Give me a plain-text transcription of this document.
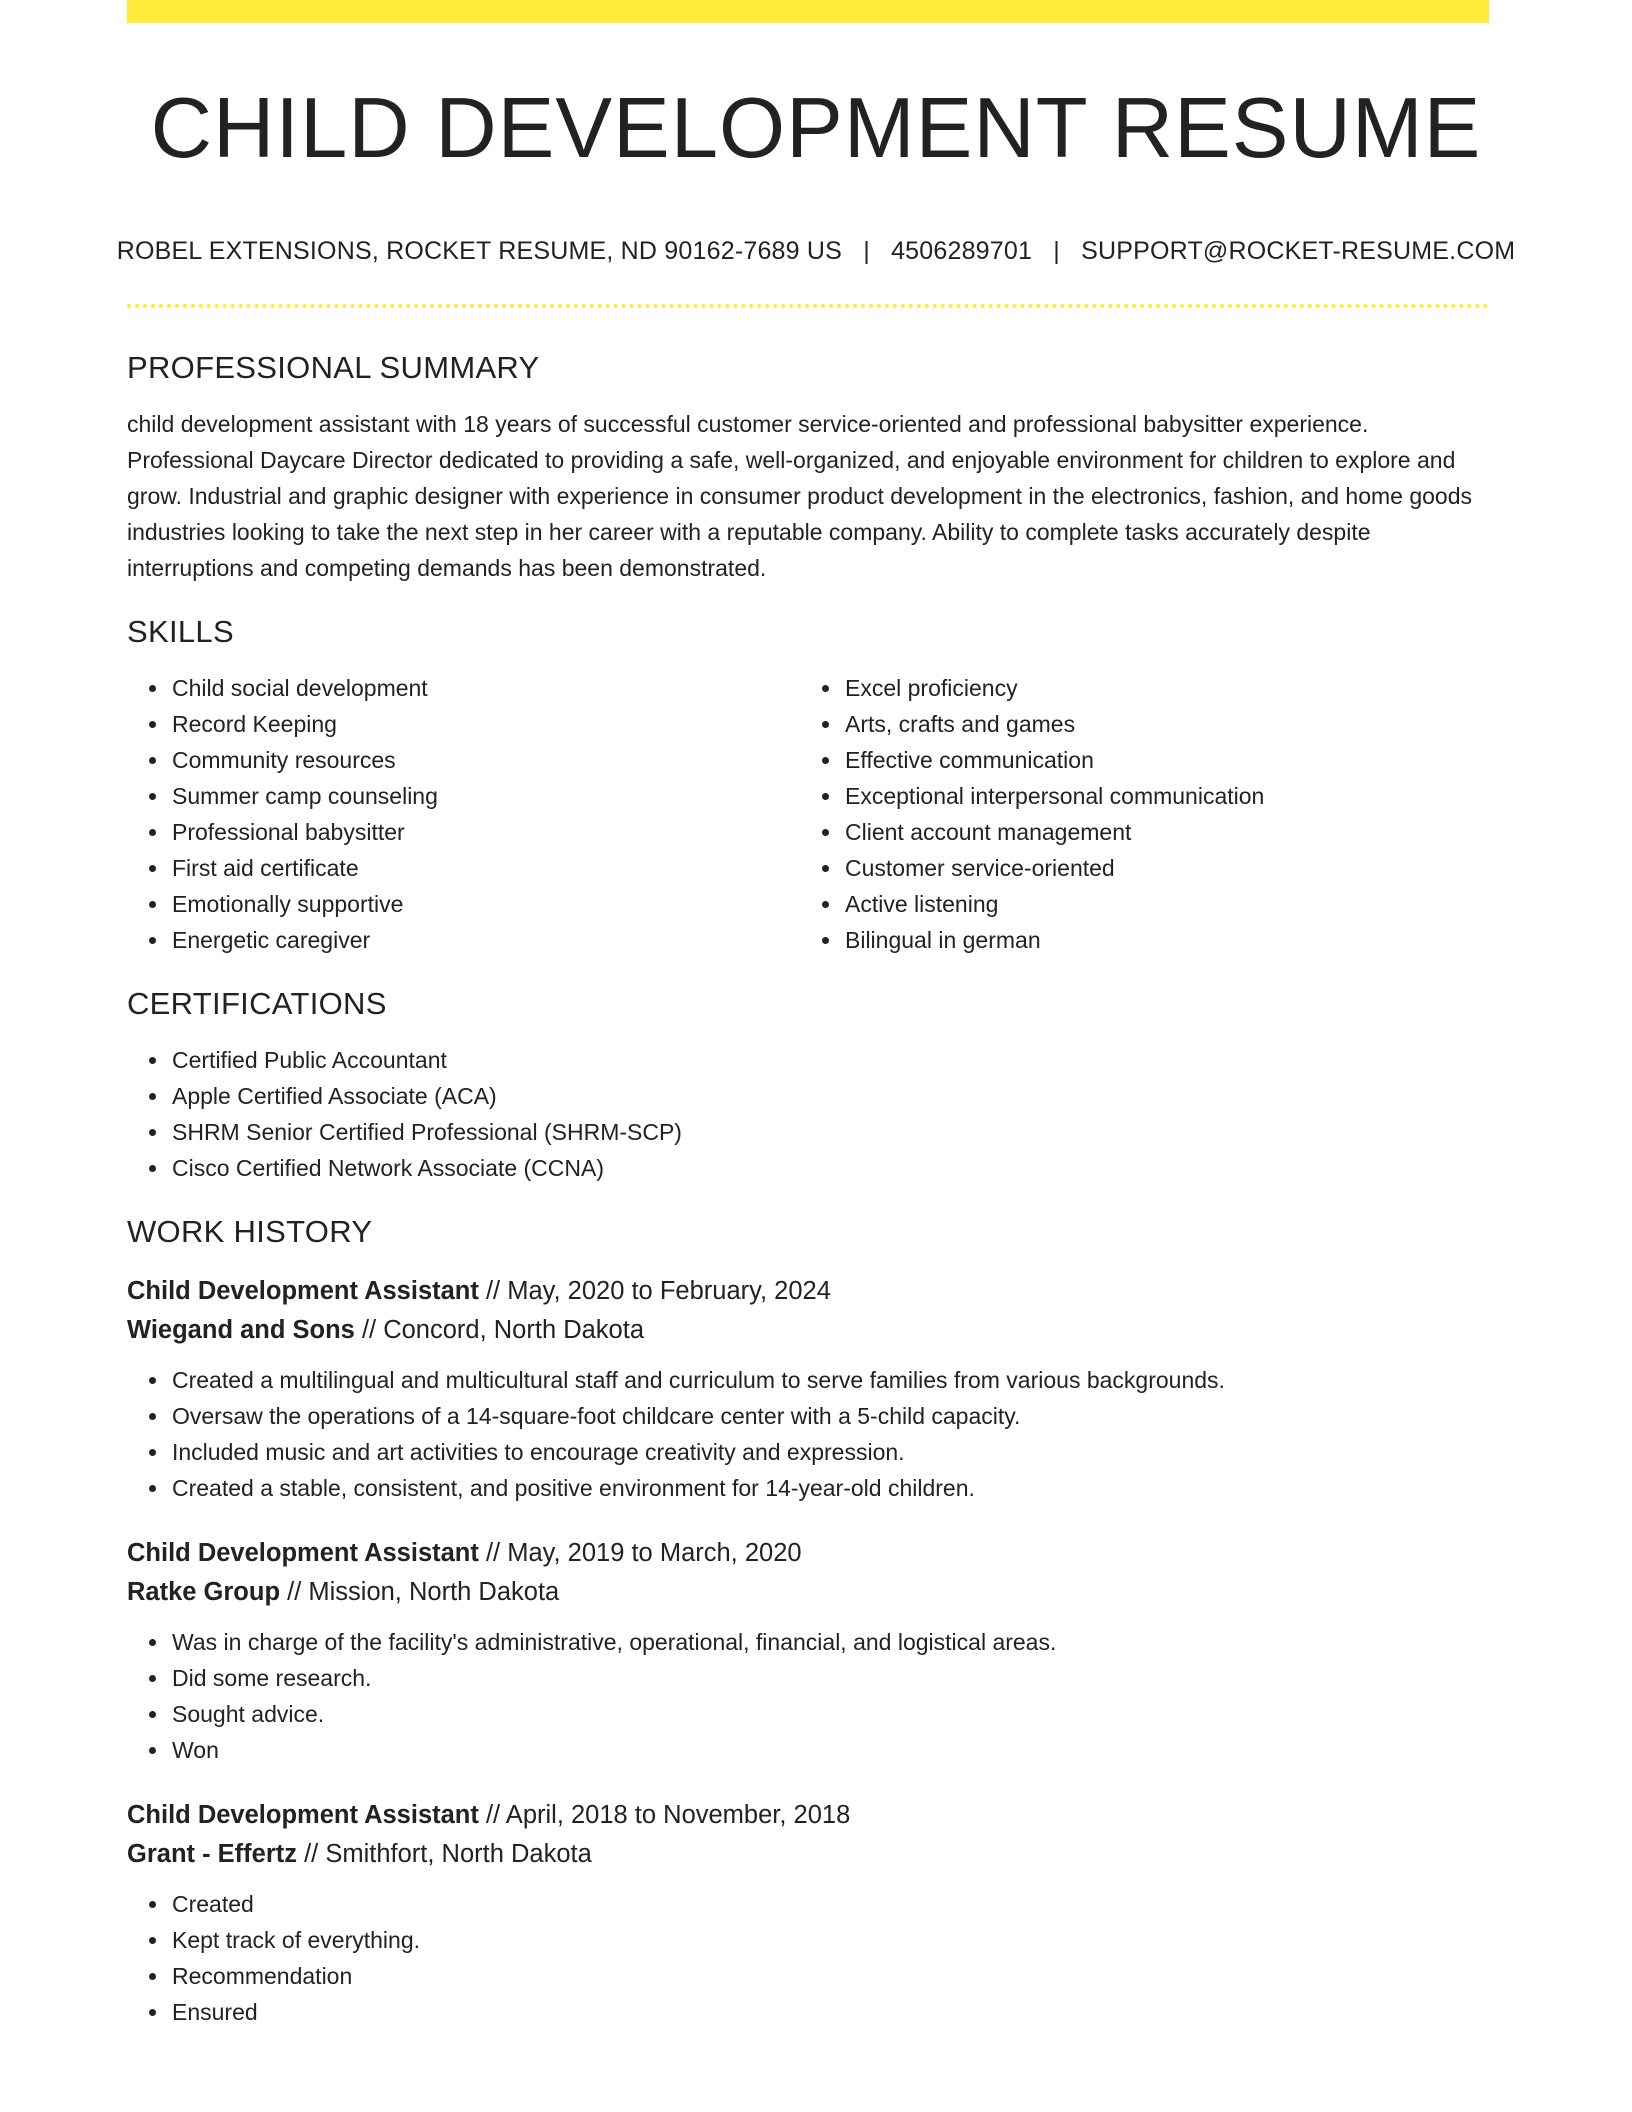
CHILD DEVELOPMENT RESUME
ROBEL EXTENSIONS, ROCKET RESUME, ND 90162-7689 US | 4506289701 | SUPPORT@ROCKET-RESUME.COM
PROFESSIONAL SUMMARY

child development assistant with 18 years of successful customer service-oriented and professional babysitter experience. Professional Daycare Director dedicated to providing a safe, well-organized, and enjoyable environment for children to explore and grow. Industrial and graphic designer with experience in consumer product development in the electronics, fashion, and home goods industries looking to take the next step in her career with a reputable company. Ability to complete tasks accurately despite interruptions and competing demands has been demonstrated.

SKILLS
• Child social development
• Record Keeping
• Community resources
• Summer camp counseling
• Professional babysitter
• First aid certificate
• Emotionally supportive
• Energetic caregiver
• Excel proficiency
• Arts, crafts and games
• Effective communication
• Exceptional interpersonal communication
• Client account management
• Customer service-oriented
• Active listening
• Bilingual in german
CERTIFICATIONS
• Certified Public Accountant
• Apple Certified Associate (ACA)
• SHRM Senior Certified Professional (SHRM-SCP)
• Cisco Certified Network Associate (CCNA)
WORK HISTORY
Child Development Assistant // May, 2020 to February, 2024
Wiegand and Sons // Concord, North Dakota
• Created a multilingual and multicultural staff and curriculum to serve families from various backgrounds.
• Oversaw the operations of a 14-square-foot childcare center with a 5-child capacity.
• Included music and art activities to encourage creativity and expression.
• Created a stable, consistent, and positive environment for 14-year-old children.
Child Development Assistant // May, 2019 to March, 2020
Ratke Group // Mission, North Dakota
• Was in charge of the facility's administrative, operational, financial, and logistical areas.
• Did some research.
• Sought advice.
• Won
Child Development Assistant // April, 2018 to November, 2018
Grant - Effertz // Smithfort, North Dakota
• Created
• Kept track of everything.
• Recommendation
• Ensured
